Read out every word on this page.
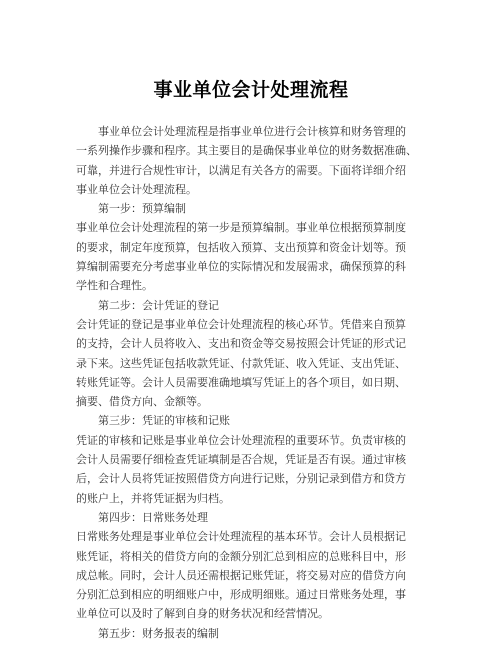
事业单位会计处理流程
事业单位会计处理流程是指事业单位进行会计核算和财务管理的
一系列操作步骤和程序。其主要目的是确保事业单位的财务数据准确、
可靠，并进行合规性审计，以满足有关各方的需要。下面将详细介绍
事业单位会计处理流程。
第一步：预算编制
事业单位会计处理流程的第一步是预算编制。事业单位根据预算制度
的要求，制定年度预算，包括收入预算、支出预算和资金计划等。预
算编制需要充分考虑事业单位的实际情况和发展需求，确保预算的科
学性和合理性。
第二步：会计凭证的登记
会计凭证的登记是事业单位会计处理流程的核心环节。凭借来自预算
的支持，会计人员将收入、支出和资金等交易按照会计凭证的形式记
录下来。这些凭证包括收款凭证、付款凭证、收入凭证、支出凭证、
转账凭证等。会计人员需要准确地填写凭证上的各个项目，如日期、
摘要、借贷方向、金额等。
第三步：凭证的审核和记账
凭证的审核和记账是事业单位会计处理流程的重要环节。负责审核的
会计人员需要仔细检查凭证填制是否合规，凭证是否有误。通过审核
后，会计人员将凭证按照借贷方向进行记账，分别记录到借方和贷方
的账户上，并将凭证据为归档。
第四步：日常账务处理
日常账务处理是事业单位会计处理流程的基本环节。会计人员根据记
账凭证，将相关的借贷方向的金额分别汇总到相应的总账科目中，形
成总帐。同时，会计人员还需根据记账凭证，将交易对应的借贷方向
分别汇总到相应的明细账户中，形成明细账。通过日常账务处理，事
业单位可以及时了解到自身的财务状况和经营情况。
第五步：财务报表的编制
